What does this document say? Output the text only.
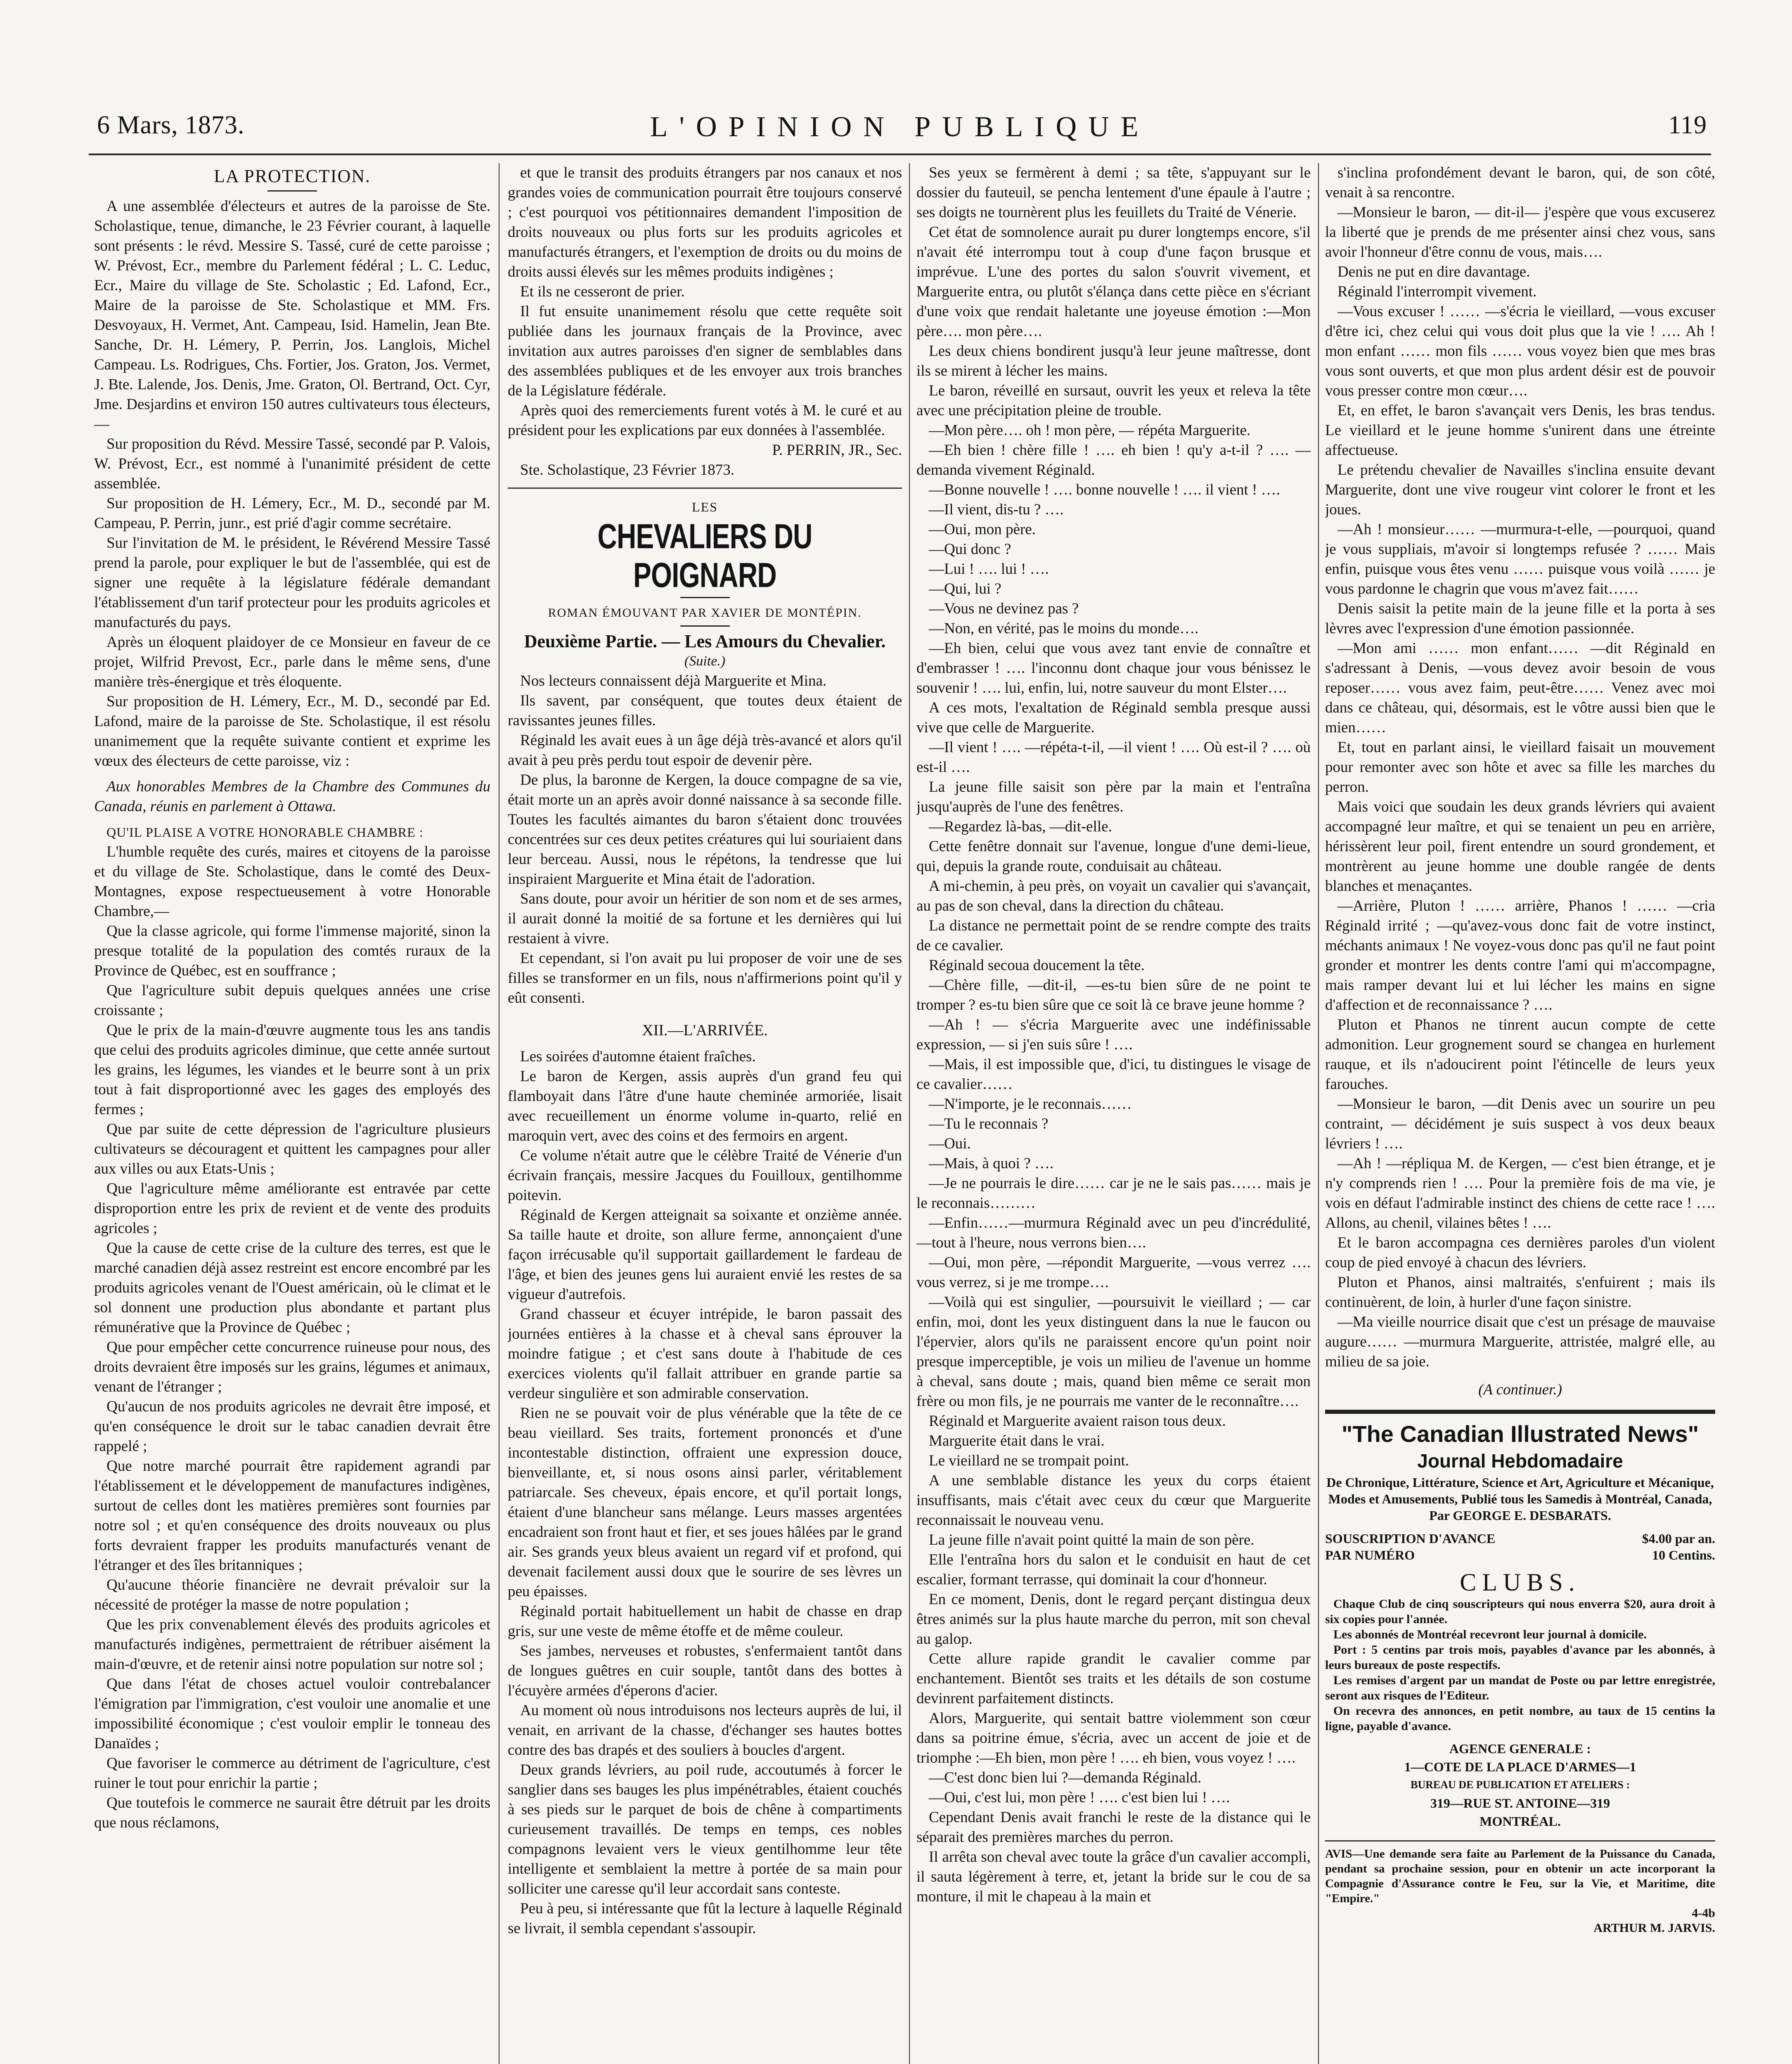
L'OPINION PUBLIQUE
6 Mars, 1873.	119
LA PROTECTION.

A une assemblée d'électeurs et autres de la paroisse de Ste. Scholastique, tenue, dimanche, le 23 Février courant, à laquelle sont présents : le révd. Messire S. Tassé, curé de cette paroisse ; W. Prévost, Ecr., membre du Parlement fédéral ; L. C. Leduc, Ecr., Maire du village de Ste. Scholastic ; Ed. Lafond, Ecr., Maire de la paroisse de Ste. Scholastique et MM. Frs. Desvoyaux, H. Vermet, Ant. Campeau, Isid. Hamelin, Jean Bte. Sanche, Dr. H. Lémery, P. Perrin, Jos. Langlois, Michel Campeau. Ls. Rodrigues, Chs. Fortier, Jos. Graton, Jos. Vermet, J. Bte. Lalende, Jos. Denis, Jme. Graton, Ol. Bertrand, Oct. Cyr, Jme. Desjardins et environ 150 autres cultivateurs tous électeurs,—

Sur proposition du Révd. Messire Tassé, secondé par P. Valois, W. Prévost, Ecr., est nommé à l'unanimité président de cette assemblée.

Sur proposition de H. Lémery, Ecr., M. D., secondé par M. Campeau, P. Perrin, junr., est prié d'agir comme secrétaire.

Sur l'invitation de M. le président, le Révérend Messire Tassé prend la parole, pour expliquer le but de l'assemblée, qui est de signer une requête à la législature fédérale demandant l'établissement d'un tarif protecteur pour les produits agricoles et manufacturés du pays.

Après un éloquent plaidoyer de ce Monsieur en faveur de ce projet, Wilfrid Prevost, Ecr., parle dans le même sens, d'une manière très-énergique et très éloquente.

Sur proposition de H. Lémery, Ecr., M. D., secondé par Ed. Lafond, maire de la paroisse de Ste. Scholastique, il est résolu unanimement que la requête suivante contient et exprime les vœux des électeurs de cette paroisse, viz :

Aux honorables Membres de la Chambre des Communes du Canada, réunis en parlement à Ottawa.

QU'IL PLAISE A VOTRE HONORABLE CHAMBRE :

L'humble requête des curés, maires et citoyens de la paroisse et du village de Ste. Scholastique, dans le comté des Deux-Montagnes, expose respectueusement à votre Honorable Chambre,—

Que la classe agricole, qui forme l'immense majorité, sinon la presque totalité de la population des comtés ruraux de la Province de Québec, est en souffrance ;

Que l'agriculture subit depuis quelques années une crise croissante ;

Que le prix de la main-d'œuvre augmente tous les ans tandis que celui des produits agricoles diminue, que cette année surtout les grains, les légumes, les viandes et le beurre sont à un prix tout à fait disproportionné avec les gages des employés des fermes ;

Que par suite de cette dépression de l'agriculture plusieurs cultivateurs se découragent et quittent les campagnes pour aller aux villes ou aux Etats-Unis ;

Que l'agriculture même améliorante est entravée par cette disproportion entre les prix de revient et de vente des produits agricoles ;

Que la cause de cette crise de la culture des terres, est que le marché canadien déjà assez restreint est encore encombré par les produits agricoles venant de l'Ouest américain, où le climat et le sol donnent une production plus abondante et partant plus rémunérative que la Province de Québec ;

Que pour empêcher cette concurrence ruineuse pour nous, des droits devraient être imposés sur les grains, légumes et animaux, venant de l'étranger ;

Qu'aucun de nos produits agricoles ne devrait être imposé, et qu'en conséquence le droit sur le tabac canadien devrait être rappelé ;

Que notre marché pourrait être rapidement agrandi par l'établissement et le développement de manufactures indigènes, surtout de celles dont les matières premières sont fournies par notre sol ; et qu'en conséquence des droits nouveaux ou plus forts devraient frapper les produits manufacturés venant de l'étranger et des îles britanniques ;

Qu'aucune théorie financière ne devrait prévaloir sur la nécessité de protéger la masse de notre population ;

Que les prix convenablement élevés des produits agricoles et manufacturés indigènes, permettraient de rétribuer aisément la main-d'œuvre, et de retenir ainsi notre population sur notre sol ;

Que dans l'état de choses actuel vouloir contrebalancer l'émigration par l'immigration, c'est vouloir une anomalie et une impossibilité économique ; c'est vouloir emplir le tonneau des Danaïdes ;

Que favoriser le commerce au détriment de l'agriculture, c'est ruiner le tout pour enrichir la partie ;

Que toutefois le commerce ne saurait être détruit par les droits que nous réclamons,

et que le transit des produits étrangers par nos canaux et nos grandes voies de communication pourrait être toujours conservé ; c'est pourquoi vos pétitionnaires demandent l'imposition de droits nouveaux ou plus forts sur les produits agricoles et manufacturés étrangers, et l'exemption de droits ou du moins de droits aussi élevés sur les mêmes produits indigènes ;

Et ils ne cesseront de prier.

Il fut ensuite unanimement résolu que cette requête soit publiée dans les journaux français de la Province, avec invitation aux autres paroisses d'en signer de semblables dans des assemblées publiques et de les envoyer aux trois branches de la Législature fédérale.

Après quoi des remerciements furent votés à M. le curé et au président pour les explications par eux données à l'assemblée.

P. PERRIN, JR., Sec.

Ste. Scholastique, 23 Février 1873.

LES
CHEVALIERS DU POIGNARD
ROMAN ÉMOUVANT PAR XAVIER DE MONTÉPIN.
Deuxième Partie. — Les Amours du Chevalier.
(Suite.)

Nos lecteurs connaissent déjà Marguerite et Mina.

Ils savent, par conséquent, que toutes deux étaient de ravissantes jeunes filles.

Réginald les avait eues à un âge déjà très-avancé et alors qu'il avait à peu près perdu tout espoir de devenir père.

De plus, la baronne de Kergen, la douce compagne de sa vie, était morte un an après avoir donné naissance à sa seconde fille. Toutes les facultés aimantes du baron s'étaient donc trouvées concentrées sur ces deux petites créatures qui lui souriaient dans leur berceau. Aussi, nous le répétons, la tendresse que lui inspiraient Marguerite et Mina était de l'adoration.

Sans doute, pour avoir un héritier de son nom et de ses armes, il aurait donné la moitié de sa fortune et les dernières qui lui restaient à vivre.

Et cependant, si l'on avait pu lui proposer de voir une de ses filles se transformer en un fils, nous n'affirmerions point qu'il y eût consenti.

XII.—L'ARRIVÉE.

Les soirées d'automne étaient fraîches.

Le baron de Kergen, assis auprès d'un grand feu qui flamboyait dans l'âtre d'une haute cheminée armoriée, lisait avec recueillement un énorme volume in-quarto, relié en maroquin vert, avec des coins et des fermoirs en argent.

Ce volume n'était autre que le célèbre Traité de Vénerie d'un écrivain français, messire Jacques du Fouilloux, gentilhomme poitevin.

Réginald de Kergen atteignait sa soixante et onzième année. Sa taille haute et droite, son allure ferme, annonçaient d'une façon irrécusable qu'il supportait gaillardement le fardeau de l'âge, et bien des jeunes gens lui auraient envié les restes de sa vigueur d'autrefois.

Grand chasseur et écuyer intrépide, le baron passait des journées entières à la chasse et à cheval sans éprouver la moindre fatigue ; et c'est sans doute à l'habitude de ces exercices violents qu'il fallait attribuer en grande partie sa verdeur singulière et son admirable conservation.

Rien ne se pouvait voir de plus vénérable que la tête de ce beau vieillard. Ses traits, fortement prononcés et d'une incontestable distinction, offraient une expression douce, bienveillante, et, si nous osons ainsi parler, véritablement patriarcale. Ses cheveux, épais encore, et qu'il portait longs, étaient d'une blancheur sans mélange. Leurs masses argentées encadraient son front haut et fier, et ses joues hâlées par le grand air. Ses grands yeux bleus avaient un regard vif et profond, qui devenait facilement aussi doux que le sourire de ses lèvres un peu épaisses.

Réginald portait habituellement un habit de chasse en drap gris, sur une veste de même étoffe et de même couleur.

Ses jambes, nerveuses et robustes, s'enfermaient tantôt dans de longues guêtres en cuir souple, tantôt dans des bottes à l'écuyère armées d'éperons d'acier.

Au moment où nous introduisons nos lecteurs auprès de lui, il venait, en arrivant de la chasse, d'échanger ses hautes bottes contre des bas drapés et des souliers à boucles d'argent.

Deux grands lévriers, au poil rude, accoutumés à forcer le sanglier dans ses bauges les plus impénétrables, étaient couchés à ses pieds sur le parquet de bois de chêne à compartiments curieusement travaillés. De temps en temps, ces nobles compagnons levaient vers le vieux gentilhomme leur tête intelligente et semblaient la mettre à portée de sa main pour solliciter une caresse qu'il leur accordait sans conteste.

Peu à peu, si intéressante que fût la lecture à laquelle Réginald se livrait, il sembla cependant s'assoupir.

Ses yeux se fermèrent à demi ; sa tête, s'appuyant sur le dossier du fauteuil, se pencha lentement d'une épaule à l'autre ; ses doigts ne tournèrent plus les feuillets du Traité de Vénerie.

Cet état de somnolence aurait pu durer longtemps encore, s'il n'avait été interrompu tout à coup d'une façon brusque et imprévue. L'une des portes du salon s'ouvrit vivement, et Marguerite entra, ou plutôt s'élança dans cette pièce en s'écriant d'une voix que rendait haletante une joyeuse émotion :—Mon père…. mon père….

Les deux chiens bondirent jusqu'à leur jeune maîtresse, dont ils se mirent à lécher les mains.

Le baron, réveillé en sursaut, ouvrit les yeux et releva la tête avec une précipitation pleine de trouble.

—Mon père…. oh ! mon père, — répéta Marguerite.

—Eh bien ! chère fille ! …. eh bien ! qu'y a-t-il ? …. —demanda vivement Réginald.

—Bonne nouvelle ! …. bonne nouvelle ! …. il vient ! ….

—Il vient, dis-tu ? ….

—Oui, mon père.

—Qui donc ?

—Lui ! …. lui ! ….

—Qui, lui ?

—Vous ne devinez pas ?

—Non, en vérité, pas le moins du monde….

—Eh bien, celui que vous avez tant envie de connaître et d'embrasser ! …. l'inconnu dont chaque jour vous bénissez le souvenir ! …. lui, enfin, lui, notre sauveur du mont Elster….

A ces mots, l'exaltation de Réginald sembla presque aussi vive que celle de Marguerite.

—Il vient ! …. —répéta-t-il, —il vient ! …. Où est-il ? …. où est-il ….

La jeune fille saisit son père par la main et l'entraîna jusqu'auprès de l'une des fenêtres.

—Regardez là-bas, —dit-elle.

Cette fenêtre donnait sur l'avenue, longue d'une demi-lieue, qui, depuis la grande route, conduisait au château.

A mi-chemin, à peu près, on voyait un cavalier qui s'avançait, au pas de son cheval, dans la direction du château.

La distance ne permettait point de se rendre compte des traits de ce cavalier.

Réginald secoua doucement la tête.

—Chère fille, —dit-il, —es-tu bien sûre de ne point te tromper ? es-tu bien sûre que ce soit là ce brave jeune homme ?

—Ah ! — s'écria Marguerite avec une indéfinissable expression, — si j'en suis sûre ! ….

—Mais, il est impossible que, d'ici, tu distingues le visage de ce cavalier……

—N'importe, je le reconnais……

—Tu le reconnais ?

—Oui.

—Mais, à quoi ? ….

—Je ne pourrais le dire…… car je ne le sais pas…… mais je le reconnais………

—Enfin……—murmura Réginald avec un peu d'incrédulité, —tout à l'heure, nous verrons bien….

—Oui, mon père, —répondit Marguerite, —vous verrez …. vous verrez, si je me trompe….

—Voilà qui est singulier, —poursuivit le vieillard ; — car enfin, moi, dont les yeux distinguent dans la nue le faucon ou l'épervier, alors qu'ils ne paraissent encore qu'un point noir presque imperceptible, je vois un milieu de l'avenue un homme à cheval, sans doute ; mais, quand bien même ce serait mon frère ou mon fils, je ne pourrais me vanter de le reconnaître….

Réginald et Marguerite avaient raison tous deux.

Marguerite était dans le vrai.

Le vieillard ne se trompait point.

A une semblable distance les yeux du corps étaient insuffisants, mais c'était avec ceux du cœur que Marguerite reconnaissait le nouveau venu.

La jeune fille n'avait point quitté la main de son père.

Elle l'entraîna hors du salon et le conduisit en haut de cet escalier, formant terrasse, qui dominait la cour d'honneur.

En ce moment, Denis, dont le regard perçant distingua deux êtres animés sur la plus haute marche du perron, mit son cheval au galop.

Cette allure rapide grandit le cavalier comme par enchantement. Bientôt ses traits et les détails de son costume devinrent parfaitement distincts.

Alors, Marguerite, qui sentait battre violemment son cœur dans sa poitrine émue, s'écria, avec un accent de joie et de triomphe :—Eh bien, mon père ! …. eh bien, vous voyez ! ….

—C'est donc bien lui ?—demanda Réginald.

—Oui, c'est lui, mon père ! …. c'est bien lui ! ….

Cependant Denis avait franchi le reste de la distance qui le séparait des premières marches du perron.

Il arrêta son cheval avec toute la grâce d'un cavalier accompli, il sauta légèrement à terre, et, jetant la bride sur le cou de sa monture, il mit le chapeau à la main et

s'inclina profondément devant le baron, qui, de son côté, venait à sa rencontre.

—Monsieur le baron, — dit-il— j'espère que vous excuserez la liberté que je prends de me présenter ainsi chez vous, sans avoir l'honneur d'être connu de vous, mais….

Denis ne put en dire davantage.

Réginald l'interrompit vivement.

—Vous excuser ! …… —s'écria le vieillard, —vous excuser d'être ici, chez celui qui vous doit plus que la vie ! …. Ah ! mon enfant …… mon fils …… vous voyez bien que mes bras vous sont ouverts, et que mon plus ardent désir est de pouvoir vous presser contre mon cœur….

Et, en effet, le baron s'avançait vers Denis, les bras tendus. Le vieillard et le jeune homme s'unirent dans une étreinte affectueuse.

Le prétendu chevalier de Navailles s'inclina ensuite devant Marguerite, dont une vive rougeur vint colorer le front et les joues.

—Ah ! monsieur…… —murmura-t-elle, —pourquoi, quand je vous suppliais, m'avoir si longtemps refusée ? …… Mais enfin, puisque vous êtes venu …… puisque vous voilà …… je vous pardonne le chagrin que vous m'avez fait……

Denis saisit la petite main de la jeune fille et la porta à ses lèvres avec l'expression d'une émotion passionnée.

—Mon ami …… mon enfant…… —dit Réginald en s'adressant à Denis, —vous devez avoir besoin de vous reposer…… vous avez faim, peut-être…… Venez avec moi dans ce château, qui, désormais, est le vôtre aussi bien que le mien……

Et, tout en parlant ainsi, le vieillard faisait un mouvement pour remonter avec son hôte et avec sa fille les marches du perron.

Mais voici que soudain les deux grands lévriers qui avaient accompagné leur maître, et qui se tenaient un peu en arrière, hérissèrent leur poil, firent entendre un sourd grondement, et montrèrent au jeune homme une double rangée de dents blanches et menaçantes.

—Arrière, Pluton ! …… arrière, Phanos ! …… —cria Réginald irrité ; —qu'avez-vous donc fait de votre instinct, méchants animaux ! Ne voyez-vous donc pas qu'il ne faut point gronder et montrer les dents contre l'ami qui m'accompagne, mais ramper devant lui et lui lécher les mains en signe d'affection et de reconnaissance ? ….

Pluton et Phanos ne tinrent aucun compte de cette admonition. Leur grognement sourd se changea en hurlement rauque, et ils n'adoucirent point l'étincelle de leurs yeux farouches.

—Monsieur le baron, —dit Denis avec un sourire un peu contraint, — décidément je suis suspect à vos deux beaux lévriers ! ….

—Ah ! —répliqua M. de Kergen, — c'est bien étrange, et je n'y comprends rien ! …. Pour la première fois de ma vie, je vois en défaut l'admirable instinct des chiens de cette race ! …. Allons, au chenil, vilaines bêtes ! ….

Et le baron accompagna ces dernières paroles d'un violent coup de pied envoyé à chacun des lévriers.

Pluton et Phanos, ainsi maltraités, s'enfuirent ; mais ils continuèrent, de loin, à hurler d'une façon sinistre.

—Ma vieille nourrice disait que c'est un présage de mauvaise augure…… —murmura Marguerite, attristée, malgré elle, au milieu de sa joie.

(A continuer.)
"The Canadian Illustrated News"
Journal Hebdomadaire
De Chronique, Littérature, Science et Art, Agriculture et Mécanique, Modes et Amusements, Publié tous les Samedis à Montréal, Canada, Par GEORGE E. DESBARATS.
SOUSCRIPTION D'AVANCE	$4.00 par an.
PAR NUMÉRO	10 Centins.
CLUBS.

Chaque Club de cinq souscripteurs qui nous enverra $20, aura droit à six copies pour l'année.

Les abonnés de Montréal recevront leur journal à domicile.

Port : 5 centins par trois mois, payables d'avance par les abonnés, à leurs bureaux de poste respectifs.

Les remises d'argent par un mandat de Poste ou par lettre enregistrée, seront aux risques de l'Editeur.

On recevra des annonces, en petit nombre, au taux de 15 centins la ligne, payable d'avance.

AGENCE GENERALE :
1—COTE DE LA PLACE D'ARMES—1
BUREAU DE PUBLICATION ET ATELIERS :
319—RUE ST. ANTOINE—319
MONTRÉAL.
AVIS—Une demande sera faite au Parlement de la Puissance du Canada, pendant sa prochaine session, pour en obtenir un acte incorporant la Compagnie d'Assurance contre le Feu, sur la Vie, et Maritime, dite "Empire."
4-4b
ARTHUR M. JARVIS.
